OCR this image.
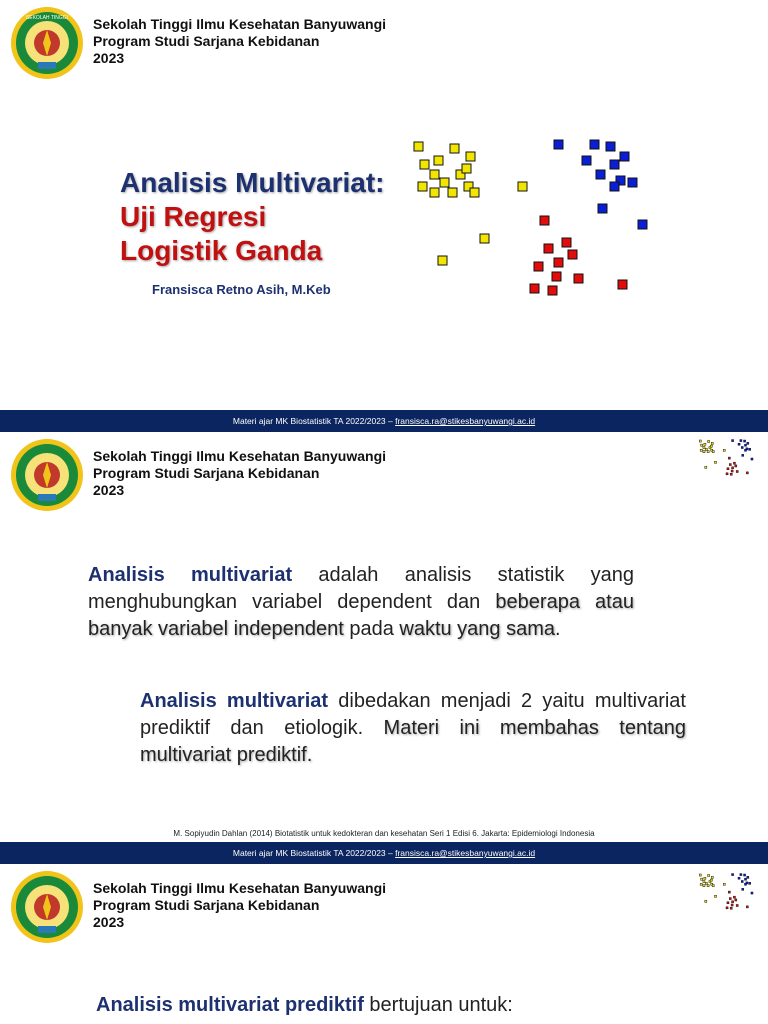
SEKOLAH TINGGI Sekolah Tinggi Ilmu Kesehatan Banyuwangi
Program Studi Sarjana Kebidanan
2023
Analisis Multivariat:
Uji Regresi
Logistik Ganda
Fransisca Retno Asih, M.Keb
Materi ajar MK Biostatistik TA 2022/2023 – fransisca.ra@stikesbanyuwangi.ac.id
Sekolah Tinggi Ilmu Kesehatan Banyuwangi
Program Studi Sarjana Kebidanan
2023
Analisis multivariat adalah analisis statistik yang menghubungkan variabel dependent dan beberapa atau banyak variabel independent pada waktu yang sama.
Analisis multivariat dibedakan menjadi 2 yaitu multivariat prediktif dan etiologik. Materi ini membahas tentang multivariat prediktif.
M. Sopiyudin Dahlan (2014) Biotatistik untuk kedokteran dan kesehatan Seri 1 Edisi 6. Jakarta: Epidemiologi Indonesia
Materi ajar MK Biostatistik TA 2022/2023 – fransisca.ra@stikesbanyuwangi.ac.id
Sekolah Tinggi Ilmu Kesehatan Banyuwangi
Program Studi Sarjana Kebidanan
2023
Analisis multivariat prediktif bertujuan untuk:
